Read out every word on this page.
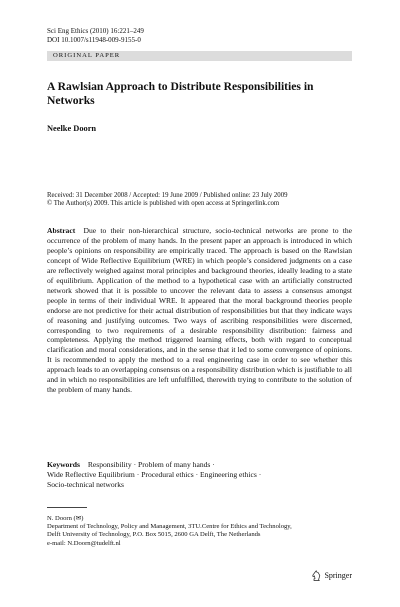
Sci Eng Ethics (2010) 16:221–249
DOI 10.1007/s11948-009-9155-0
ORIGINAL PAPER
A Rawlsian Approach to Distribute Responsibilities in Networks
Neelke Doorn
Received: 31 December 2008 / Accepted: 19 June 2009 / Published online: 23 July 2009
© The Author(s) 2009. This article is published with open access at Springerlink.com
Abstract Due to their non-hierarchical structure, socio-technical networks are prone to the occurrence of the problem of many hands. In the present paper an approach is introduced in which people’s opinions on responsibility are empirically traced. The approach is based on the Rawlsian concept of Wide Reflective Equilibrium (WRE) in which people’s considered judgments on a case are reflectively weighed against moral principles and background theories, ideally leading to a state of equilibrium. Application of the method to a hypothetical case with an artificially constructed network showed that it is possible to uncover the relevant data to assess a consensus amongst people in terms of their individual WRE. It appeared that the moral background theories people endorse are not predictive for their actual distribution of responsibilities but that they indicate ways of reasoning and justifying outcomes. Two ways of ascribing responsibilities were discerned, corresponding to two requirements of a desirable responsibility distribution: fairness and completeness. Applying the method triggered learning effects, both with regard to conceptual clarification and moral considerations, and in the sense that it led to some convergence of opinions. It is recommended to apply the method to a real engineering case in order to see whether this approach leads to an overlapping consensus on a responsibility distribution which is justifiable to all and in which no responsibilities are left unfulfilled, therewith trying to contribute to the solution of the problem of many hands.
Keywords Responsibility · Problem of many hands ·
Wide Reflective Equilibrium · Procedural ethics · Engineering ethics ·
Socio-technical networks
N. Doorn (✉)
Department of Technology, Policy and Management, 3TU.Centre for Ethics and Technology,
Delft University of Technology, P.O. Box 5015, 2600 GA Delft, The Netherlands
e-mail: N.Doorn@tudelft.nl
Springer
